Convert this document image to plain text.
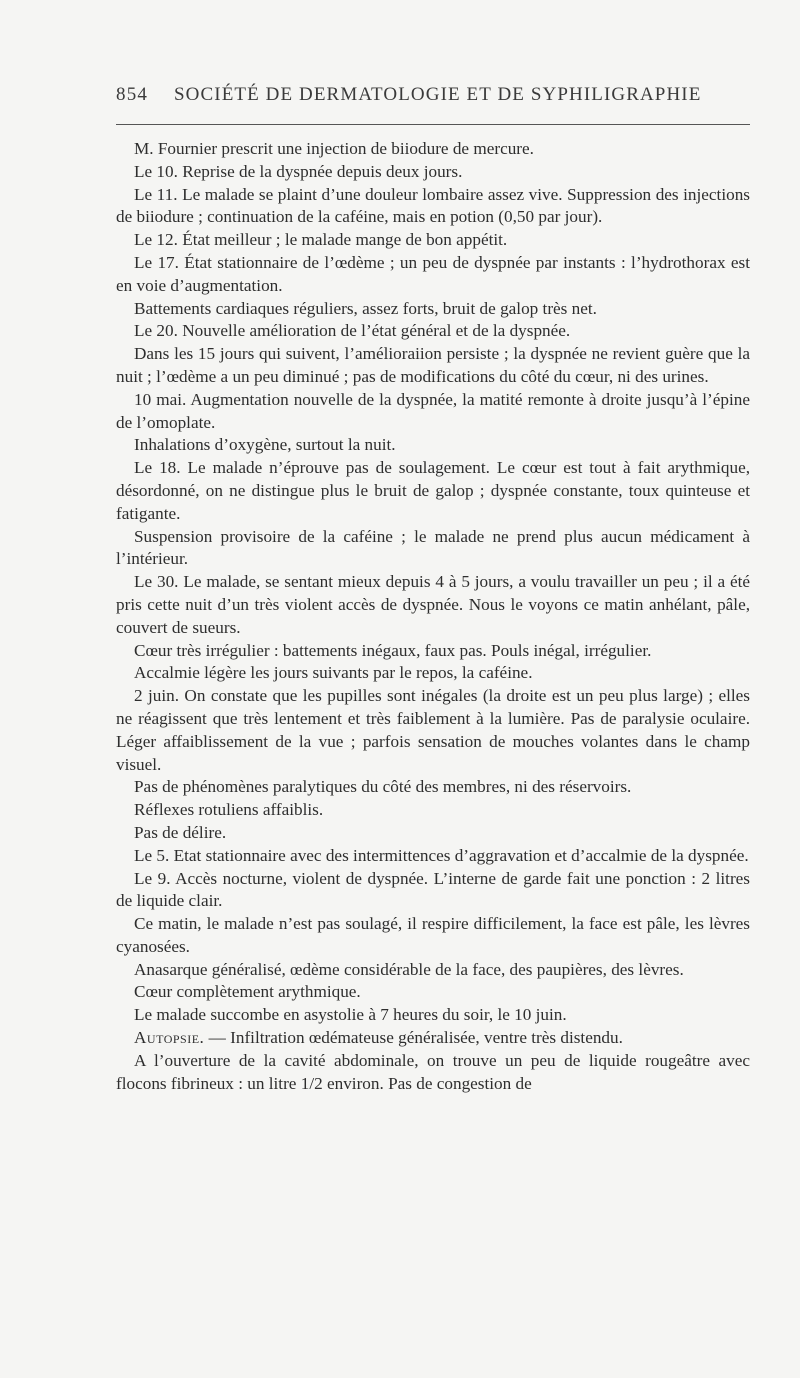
854	SOCIÉTÉ DE DERMATOLOGIE ET DE SYPHILIGRAPHIE

M. Fournier prescrit une injection de biiodure de mercure.

Le 10. Reprise de la dyspnée depuis deux jours.

Le 11. Le malade se plaint d’une douleur lombaire assez vive. Suppression des injections de biiodure ; continuation de la caféine, mais en potion (0,50 par jour).

Le 12. État meilleur ; le malade mange de bon appétit.

Le 17. État stationnaire de l’œdème ; un peu de dyspnée par instants : l’hydrothorax est en voie d’augmentation.

Battements cardiaques réguliers, assez forts, bruit de galop très net.

Le 20. Nouvelle amélioration de l’état général et de la dyspnée.

Dans les 15 jours qui suivent, l’amélioraiion persiste ; la dyspnée ne revient guère que la nuit ; l’œdème a un peu diminué ; pas de modifications du côté du cœur, ni des urines.

10 mai. Augmentation nouvelle de la dyspnée, la matité remonte à droite jusqu’à l’épine de l’omoplate.

Inhalations d’oxygène, surtout la nuit.

Le 18. Le malade n’éprouve pas de soulagement. Le cœur est tout à fait arythmique, désordonné, on ne distingue plus le bruit de galop ; dyspnée constante, toux quinteuse et fatigante.

Suspension provisoire de la caféine ; le malade ne prend plus aucun médicament à l’intérieur.

Le 30. Le malade, se sentant mieux depuis 4 à 5 jours, a voulu travailler un peu ; il a été pris cette nuit d’un très violent accès de dyspnée. Nous le voyons ce matin anhélant, pâle, couvert de sueurs.

Cœur très irrégulier : battements inégaux, faux pas. Pouls inégal, irrégulier.

Accalmie légère les jours suivants par le repos, la caféine.

2 juin. On constate que les pupilles sont inégales (la droite est un peu plus large) ; elles ne réagissent que très lentement et très faiblement à la lumière. Pas de paralysie oculaire. Léger affaiblissement de la vue ; parfois sensation de mouches volantes dans le champ visuel.

Pas de phénomènes paralytiques du côté des membres, ni des réservoirs.

Réflexes rotuliens affaiblis.

Pas de délire.

Le 5. Etat stationnaire avec des intermittences d’aggravation et d’accalmie de la dyspnée.

Le 9. Accès nocturne, violent de dyspnée. L’interne de garde fait une ponction : 2 litres de liquide clair.

Ce matin, le malade n’est pas soulagé, il respire difficilement, la face est pâle, les lèvres cyanosées.

Anasarque généralisé, œdème considérable de la face, des paupières, des lèvres.

Cœur complètement arythmique.

Le malade succombe en asystolie à 7 heures du soir, le 10 juin.

Autopsie. — Infiltration œdémateuse généralisée, ventre très distendu.

A l’ouverture de la cavité abdominale, on trouve un peu de liquide rougeâtre avec flocons fibrineux : un litre 1/2 environ. Pas de congestion de
